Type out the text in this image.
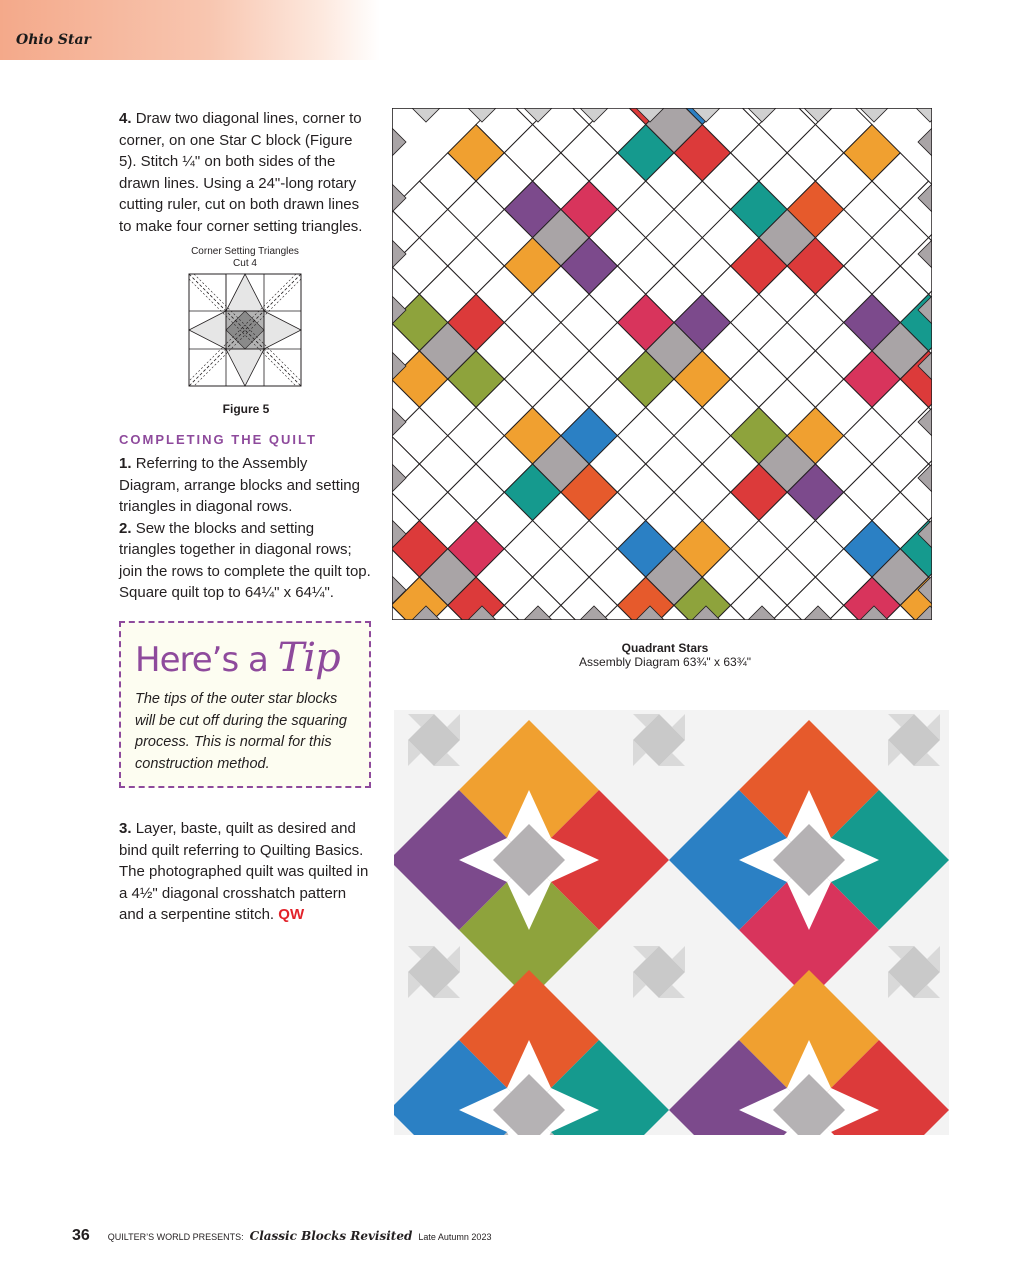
Ohio Star
4. Draw two diagonal lines, corner to corner, on one Star C block (Figure 5). Stitch ¼" on both sides of the drawn lines. Using a 24"-long rotary cutting ruler, cut on both drawn lines to make four corner setting triangles.
Corner Setting Triangles
Cut 4
Figure 5
COMPLETING THE QUILT
1. Referring to the Assembly Diagram, arrange blocks and setting triangles in diagonal rows.
2. Sew the blocks and setting triangles together in diagonal rows; join the rows to complete the quilt top. Square quilt top to 64¼" x 64¼".
Here’s a Tip
The tips of the outer star blocks will be cut off during the squaring process. This is normal for this construction method.
3. Layer, baste, quilt as desired and bind quilt referring to Quilting Basics. The photographed quilt was quilted in a 4½" diagonal crosshatch pattern and a serpentine stitch. QW
Quadrant Stars
Assembly Diagram 63¾" x 63¾"
36 QUILTER’S WORLD PRESENTS: Classic Blocks Revisited Late Autumn 2023
